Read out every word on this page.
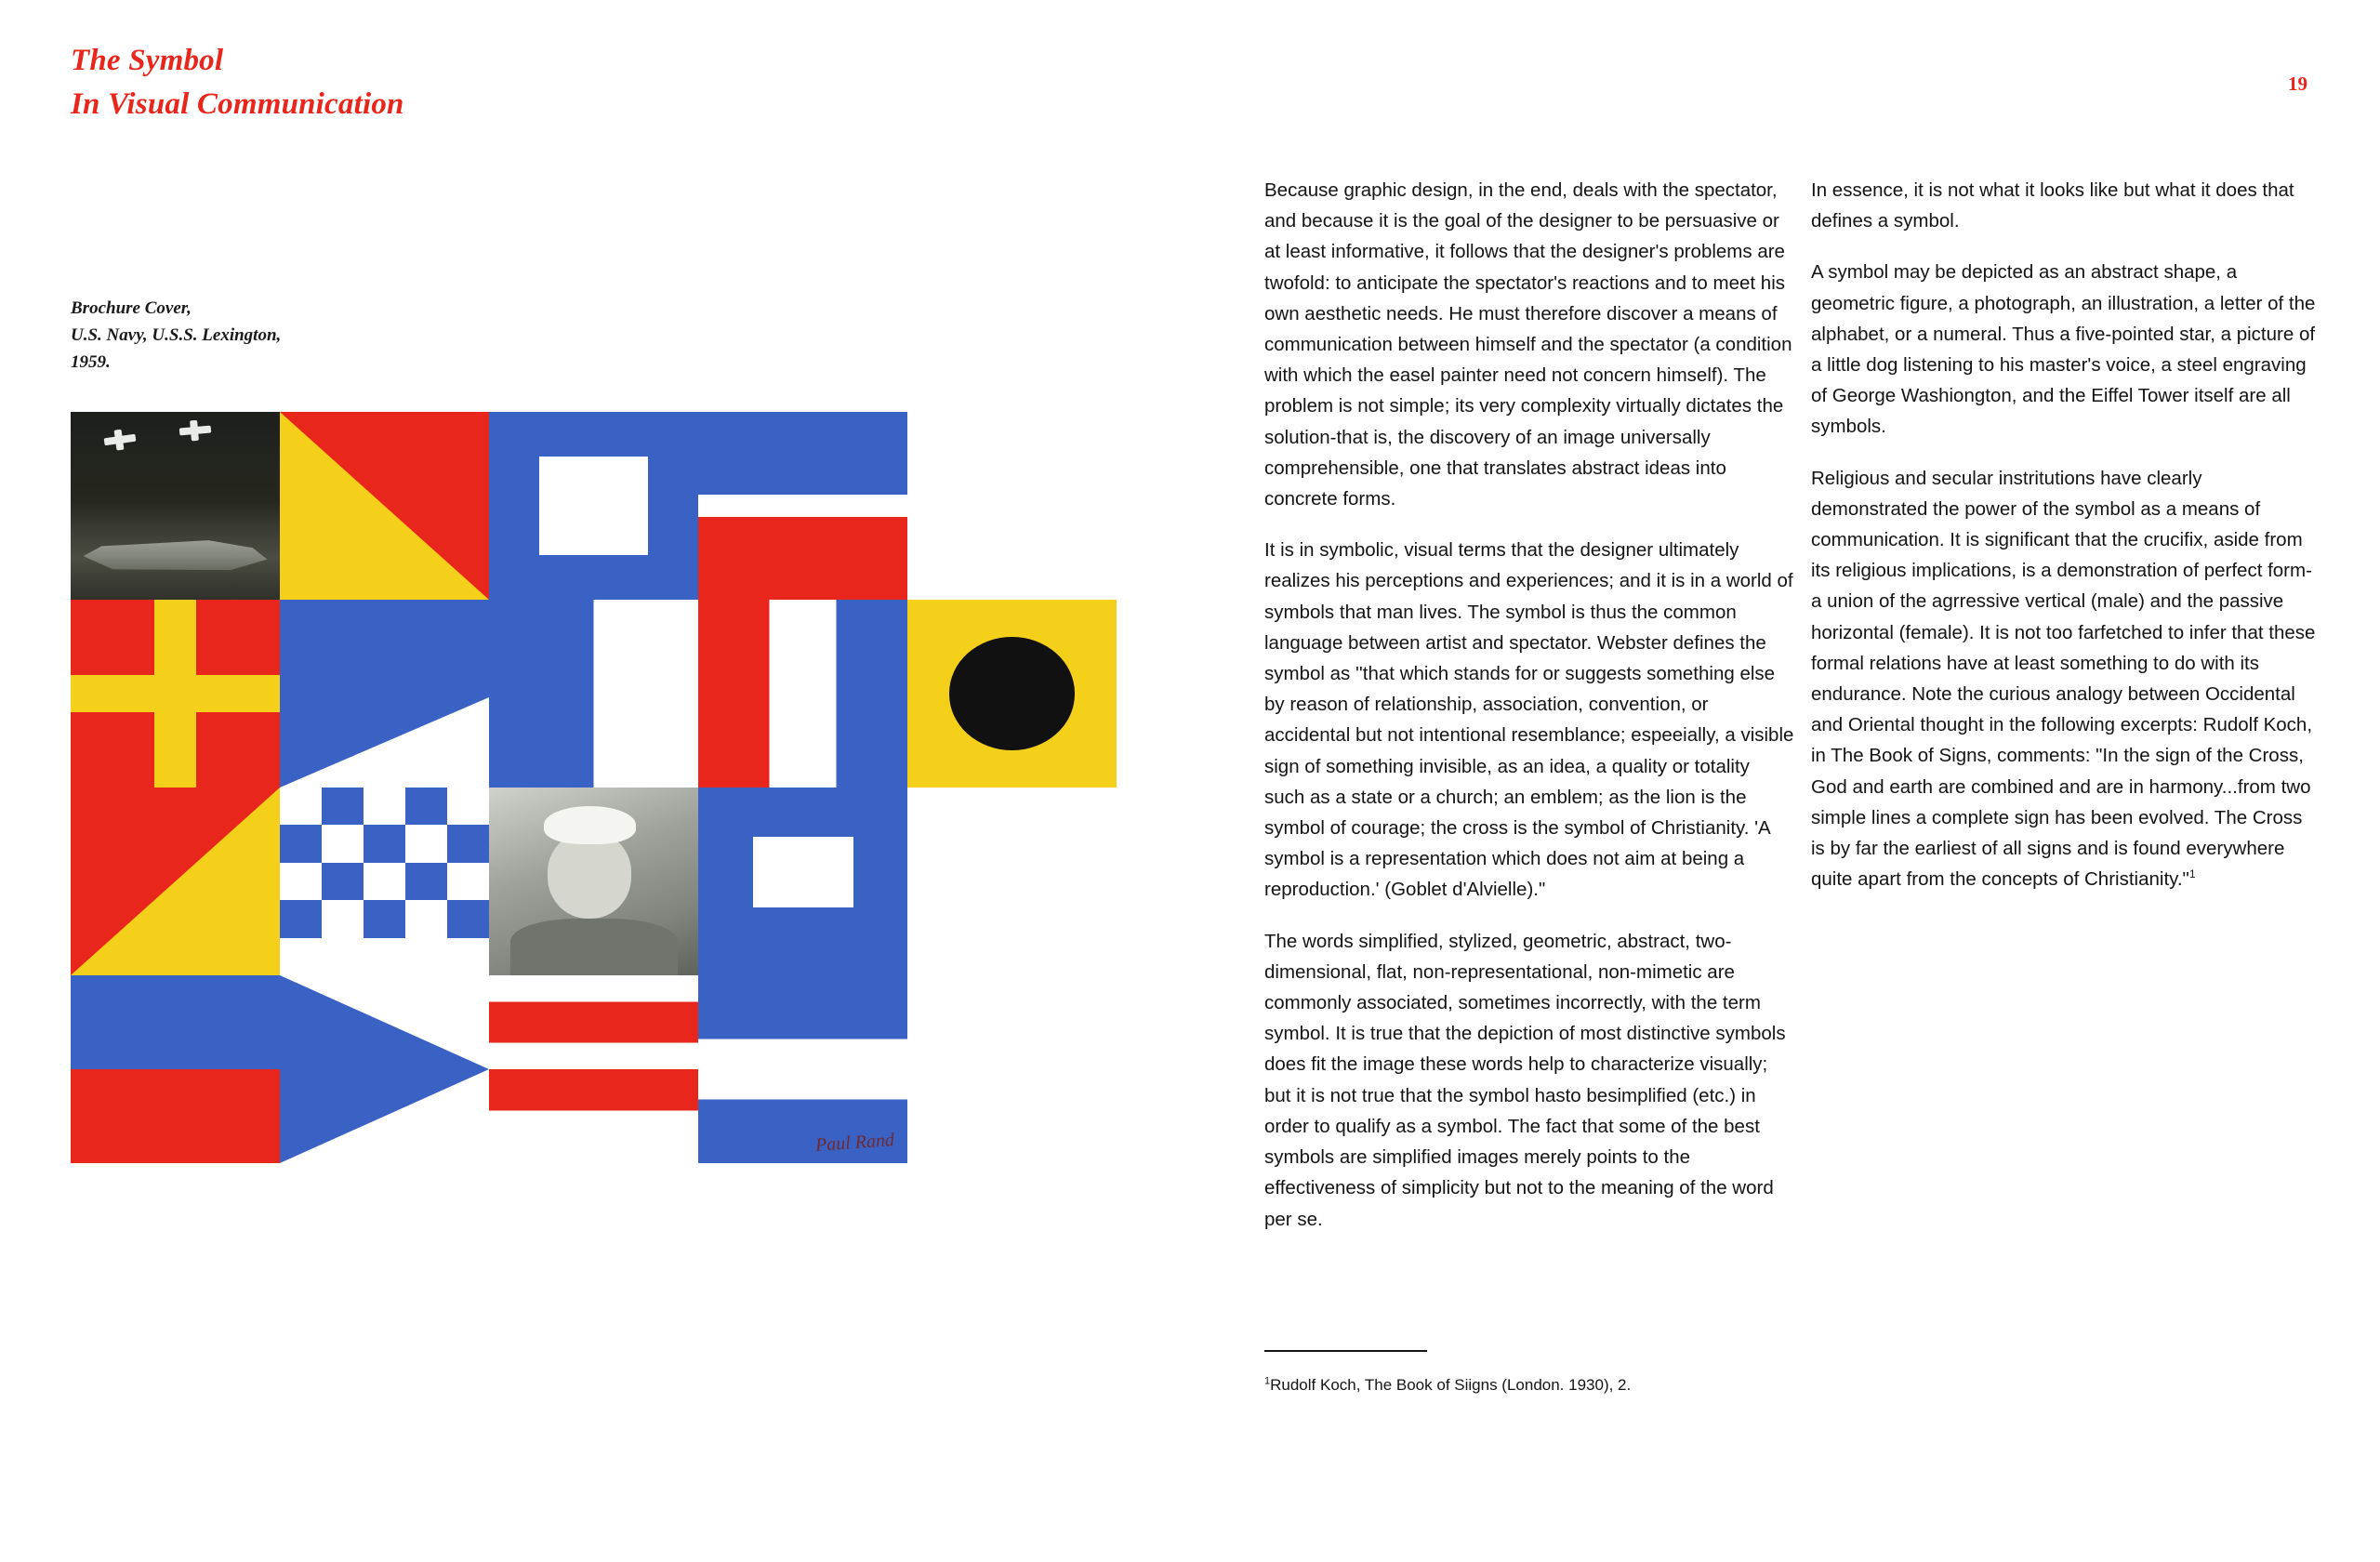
19
The Symbol
In Visual Communication
Brochure Cover,
U.S. Navy, U.S.S. Lexington,
1959.
Paul Rand

Because graphic design, in the end, deals with the spectator, and because it is the goal of the designer to be persuasive or at least informative, it follows that the designer's problems are twofold: to anticipate the spectator's reactions and to meet his own aesthetic needs. He must therefore discover a means of communication between himself and the spectator (a condition with which the easel painter need not concern himself). The problem is not simple; its very complexity virtually dictates the solution-that is, the discovery of an image universally comprehensible, one that translates abstract ideas into concrete forms.

It is in symbolic, visual terms that the designer ultimately realizes his perceptions and experiences; and it is in a world of symbols that man lives. The symbol is thus the common language between artist and spectator. Webster defines the symbol as ''that which stands for or suggests something else by reason of relationship, association, convention, or accidental but not intentional resemblance; espeeially, a visible sign of something invisible, as an idea, a quality or totality such as a state or a church; an emblem; as the lion is the symbol of courage; the cross is the symbol of Christianity. 'A symbol is a representation which does not aim at being a reproduction.' (Goblet d'Alvielle)."

The words simplified, stylized, geometric, abstract, two-dimensional, flat, non-representational, non-mimetic are commonly associated, sometimes incorrectly, with the term symbol. It is true that the depiction of most distinctive symbols does fit the image these words help to characterize visually; but it is not true that the symbol hasto besimplified (etc.) in order to qualify as a symbol. The fact that some of the best symbols are simplified images merely points to the effectiveness of simplicity but not to the meaning of the word per se.

In essence, it is not what it looks like but what it does that defines a symbol.

A symbol may be depicted as an abstract shape, a geometric figure, a photograph, an illustration, a letter of the alphabet, or a numeral. Thus a five-pointed star, a picture of a little dog listening to his master's voice, a steel engraving of George Washiongton, and the Eiffel Tower itself are all symbols.

Religious and secular instritutions have clearly demonstrated the power of the symbol as a means of communication. It is significant that the crucifix, aside from its religious implications, is a demonstration of perfect form-a union of the agrressive vertical (male) and the passive horizontal (female). It is not too farfetched to infer that these formal relations have at least something to do with its endurance. Note the curious analogy between Occidental and Oriental thought in the following excerpts: Rudolf Koch, in The Book of Signs, comments: "In the sign of the Cross, God and earth are combined and are in harmony...from two simple lines a complete sign has been evolved. The Cross is by far the earliest of all signs and is found everywhere quite apart from the concepts of Christianity."$^1$

$^1$Rudolf Koch, The Book of Siigns (London. 1930), 2.
